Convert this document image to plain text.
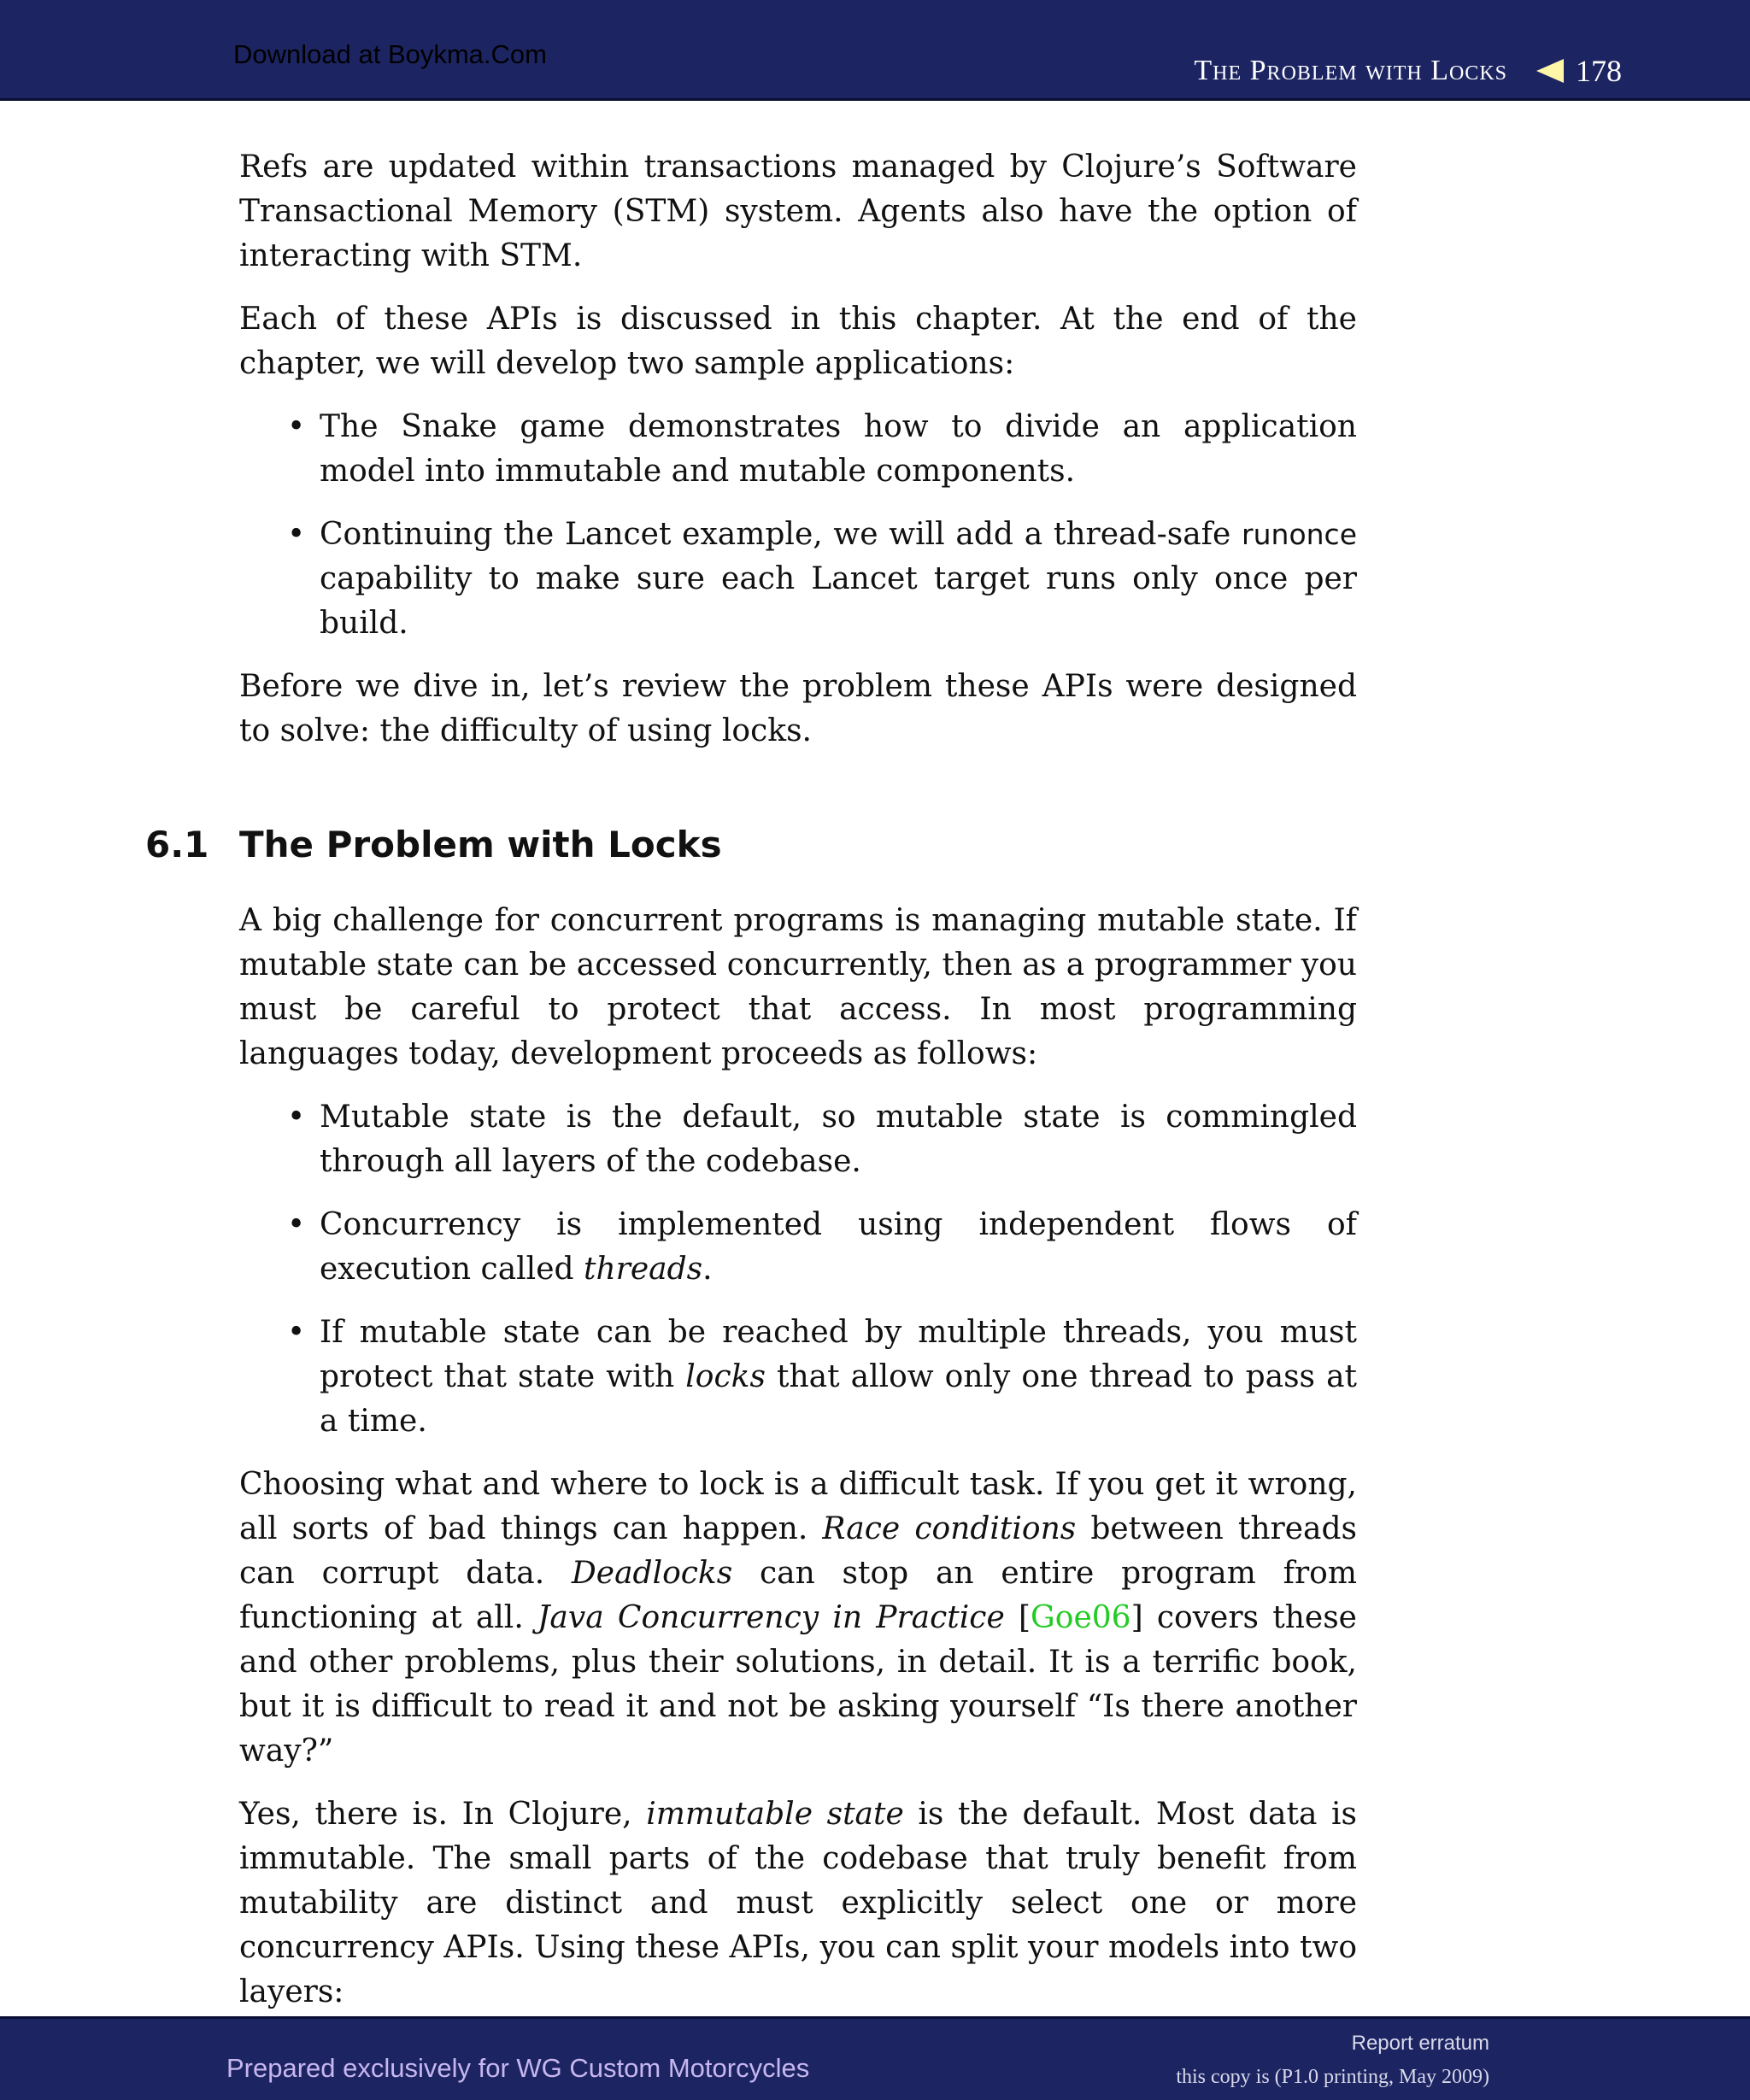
Download at Boykma.Com
The Problem with Locks 178

Refs are updated within transactions managed by Clojure’s Software Transactional Memory (STM) system. Agents also have the option of interacting with STM.

Each of these APIs is discussed in this chapter. At the end of the chapter, we will develop two sample applications:

• The Snake game demonstrates how to divide an application model into immutable and mutable components.
• Continuing the Lancet example, we will add a thread-safe runonce capability to make sure each Lancet target runs only once per build.

Before we dive in, let’s review the problem these APIs were designed to solve: the difficulty of using locks.

6.1 The Problem with Locks

A big challenge for concurrent programs is managing mutable state. If mutable state can be accessed concurrently, then as a programmer you must be careful to protect that access. In most programming languages today, development proceeds as follows:

• Mutable state is the default, so mutable state is commingled through all layers of the codebase.
• Concurrency is implemented using independent flows of execution called threads.
• If mutable state can be reached by multiple threads, you must protect that state with locks that allow only one thread to pass at a time.

Choosing what and where to lock is a difficult task. If you get it wrong, all sorts of bad things can happen. Race conditions between threads can corrupt data. Deadlocks can stop an entire program from functioning at all. Java Concurrency in Practice [Goe06] covers these and other problems, plus their solutions, in detail. It is a terrific book, but it is difficult to read it and not be asking yourself “Is there another way?”

Yes, there is. In Clojure, immutable state is the default. Most data is immutable. The small parts of the codebase that truly benefit from mutability are distinct and must explicitly select one or more concurrency APIs. Using these APIs, you can split your models into two layers:

Prepared exclusively for WG Custom Motorcycles
Report erratum
this copy is (P1.0 printing, May 2009)
